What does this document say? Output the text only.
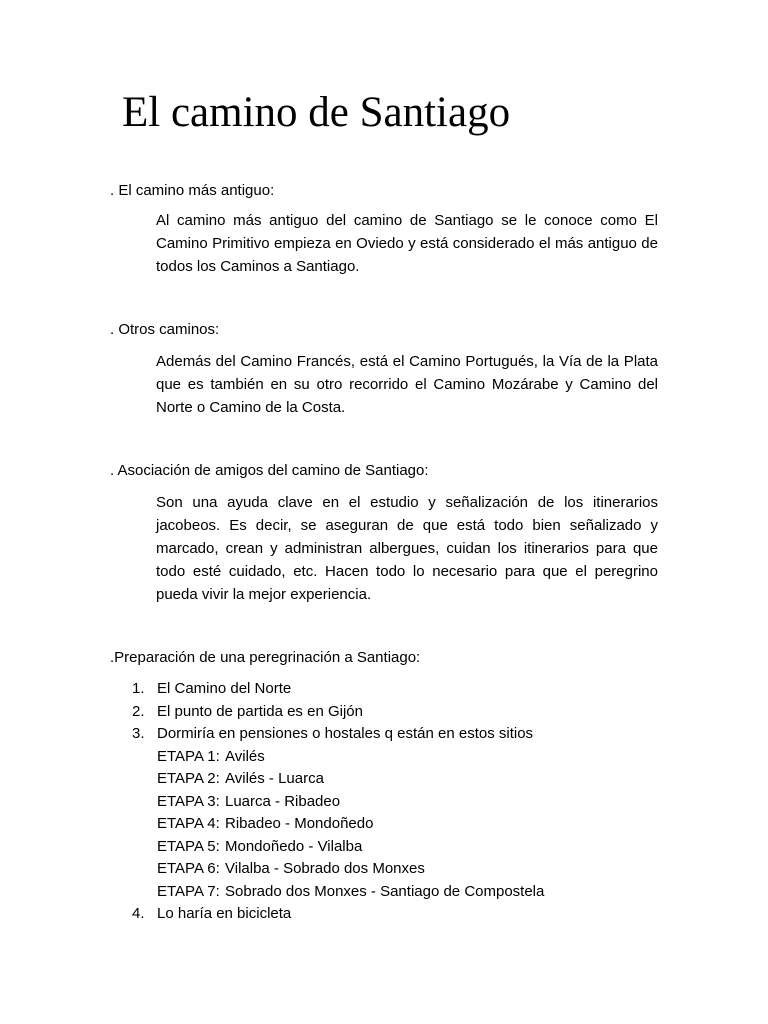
El camino de Santiago

. El camino más antiguo:

Al camino más antiguo del camino de Santiago se le conoce como El Camino Primitivo empieza en Oviedo y está considerado el más antiguo de todos los Caminos a Santiago.

. Otros caminos:

Además del Camino Francés, está el Camino Portugués, la Vía de la Plata que es también en su otro recorrido el Camino Mozárabe y Camino del Norte o Camino de la Costa.

. Asociación de amigos del camino de Santiago:

Son una ayuda clave en el estudio y señalización de los itinerarios jacobeos. Es decir, se aseguran de que está todo bien señalizado y marcado, crean y administran albergues, cuidan los itinerarios para que todo esté cuidado, etc. Hacen todo lo necesario para que el peregrino pueda vivir la mejor experiencia.

.Preparación de una peregrinación a Santiago:

1. El Camino del Norte
2. El punto de partida es en Gijón
3. Dormiría en pensiones o hostales q están en estos sitios
ETAPA 1: Avilés
ETAPA 2: Avilés - Luarca
ETAPA 3: Luarca - Ribadeo
ETAPA 4: Ribadeo - Mondoñedo
ETAPA 5: Mondoñedo - Vilalba
ETAPA 6: Vilalba - Sobrado dos Monxes
ETAPA 7: Sobrado dos Monxes - Santiago de Compostela
4. Lo haría en bicicleta
